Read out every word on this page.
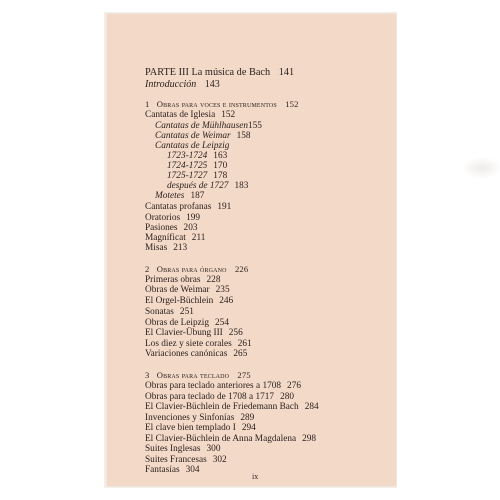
PARTE III La música de Bach 141
Introducción 143
1 Obras para voces e instrumentos 152
Cantatas de Iglesia 152
Cantatas de Mühlhausen155
Cantatas de Weimar 158
Cantatas de Leipzig
1723-1724 163
1724-1725 170
1725-1727 178
después de 1727 183
Motetes 187
Cantatas profanas 191
Oratorios 199
Pasiones 203
Magníficat 211
Misas 213
2 Obras para órgano 226
Primeras obras 228
Obras de Weimar 235
El Orgel-Büchlein 246
Sonatas 251
Obras de Leipzig 254
El Clavier-Übung III 256
Los diez y siete corales 261
Variaciones canónicas 265
3 Obras para teclado 275
Obras para teclado anteriores a 1708 276
Obras para teclado de 1708 a 1717 280
El Clavier-Büchlein de Friedemann Bach 284
Invenciones y Sinfonías 289
El clave bien templado I 294
El Clavier-Büchlein de Anna Magdalena 298
Suites Inglesas 300
Suites Francesas 302
Fantasías 304
ix
